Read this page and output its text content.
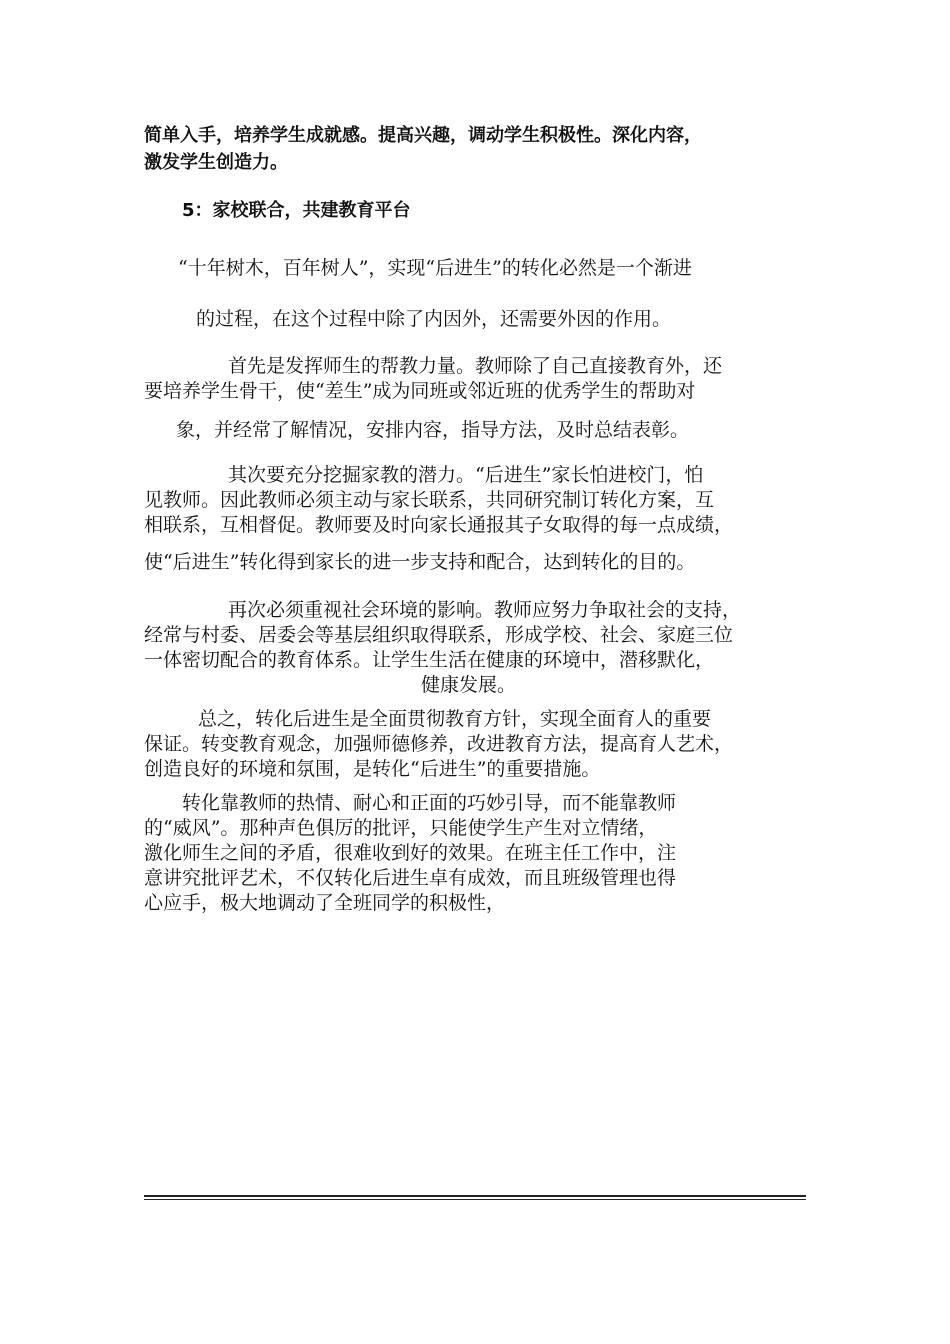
简单入手，培养学生成就感。提高兴趣，调动学生积极性。深化内容，
激发学生创造力。
5：家校联合，共建教育平台
“十年树木，百年树人”，实现“后进生”的转化必然是一个渐进
的过程，在这个过程中除了内因外，还需要外因的作用。
首先是发挥师生的帮教力量。教师除了自己直接教育外，还
要培养学生骨干，使“差生”成为同班或邻近班的优秀学生的帮助对
象，并经常了解情况，安排内容，指导方法，及时总结表彰。
其次要充分挖掘家教的潜力。“后进生”家长怕进校门，怕
见教师。因此教师必须主动与家长联系，共同研究制订转化方案，互
相联系，互相督促。教师要及时向家长通报其子女取得的每一点成绩，
使“后进生”转化得到家长的进一步支持和配合，达到转化的目的。
再次必须重视社会环境的影响。教师应努力争取社会的支持，
经常与村委、居委会等基层组织取得联系，形成学校、社会、家庭三位
一体密切配合的教育体系。让学生生活在健康的环境中，潜移默化，
健康发展。
总之，转化后进生是全面贯彻教育方针，实现全面育人的重要
保证。转变教育观念，加强师德修养，改进教育方法，提高育人艺术，
创造良好的环境和氛围，是转化“后进生”的重要措施。
转化靠教师的热情、耐心和正面的巧妙引导，而不能靠教师
的“威风”。那种声色俱厉的批评，只能使学生产生对立情绪，
激化师生之间的矛盾，很难收到好的效果。在班主任工作中，注
意讲究批评艺术，不仅转化后进生卓有成效，而且班级管理也得
心应手，极大地调动了全班同学的积极性，
